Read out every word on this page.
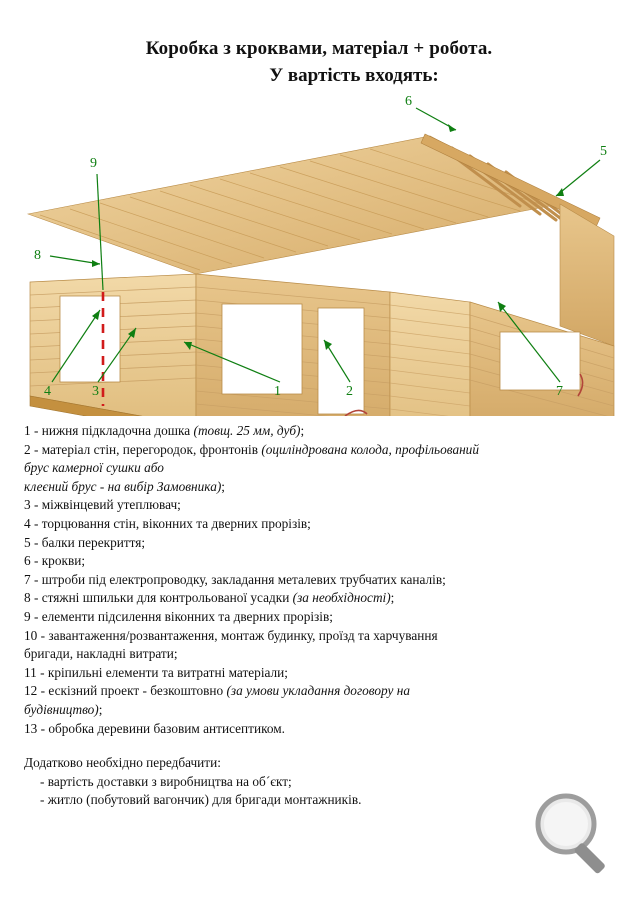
Коробка з кроквами, матеріал + робота.
У вартість входять:
1	2
3
4
5
6
7
8
9
1 - нижня підкладочна дошка (товщ. 25 мм, дуб);
2 - матеріал стін, перегородок, фронтонів (оциліндрована колода, профільований
брус камерної сушки або
клеєний брус - на вибір Замовника);
3 - міжвінцевий утеплювач;
4 - торцювання стін, віконних та дверних прорізів;
5 - балки перекриття;
6 - крокви;
7 - штроби під електропроводку, закладання металевих трубчатих каналів;
8 - стяжні шпильки для контрольованої усадки (за необхідності);
9 - елементи підсилення віконних та дверних прорізів;
10 - завантаження/розвантаження, монтаж будинку, проїзд та харчування
бригади, накладні витрати;
11 - кріпильні елементи та витратні матеріали;
12 - ескізний проект - безкоштовно (за умови укладання договору на
будівництво);
13 - обробка деревини базовим антисептиком.
Додатково необхідно передбачити:
- вартість доставки з виробництва на об´єкт;
- житло (побутовий вагончик) для бригади монтажників.
